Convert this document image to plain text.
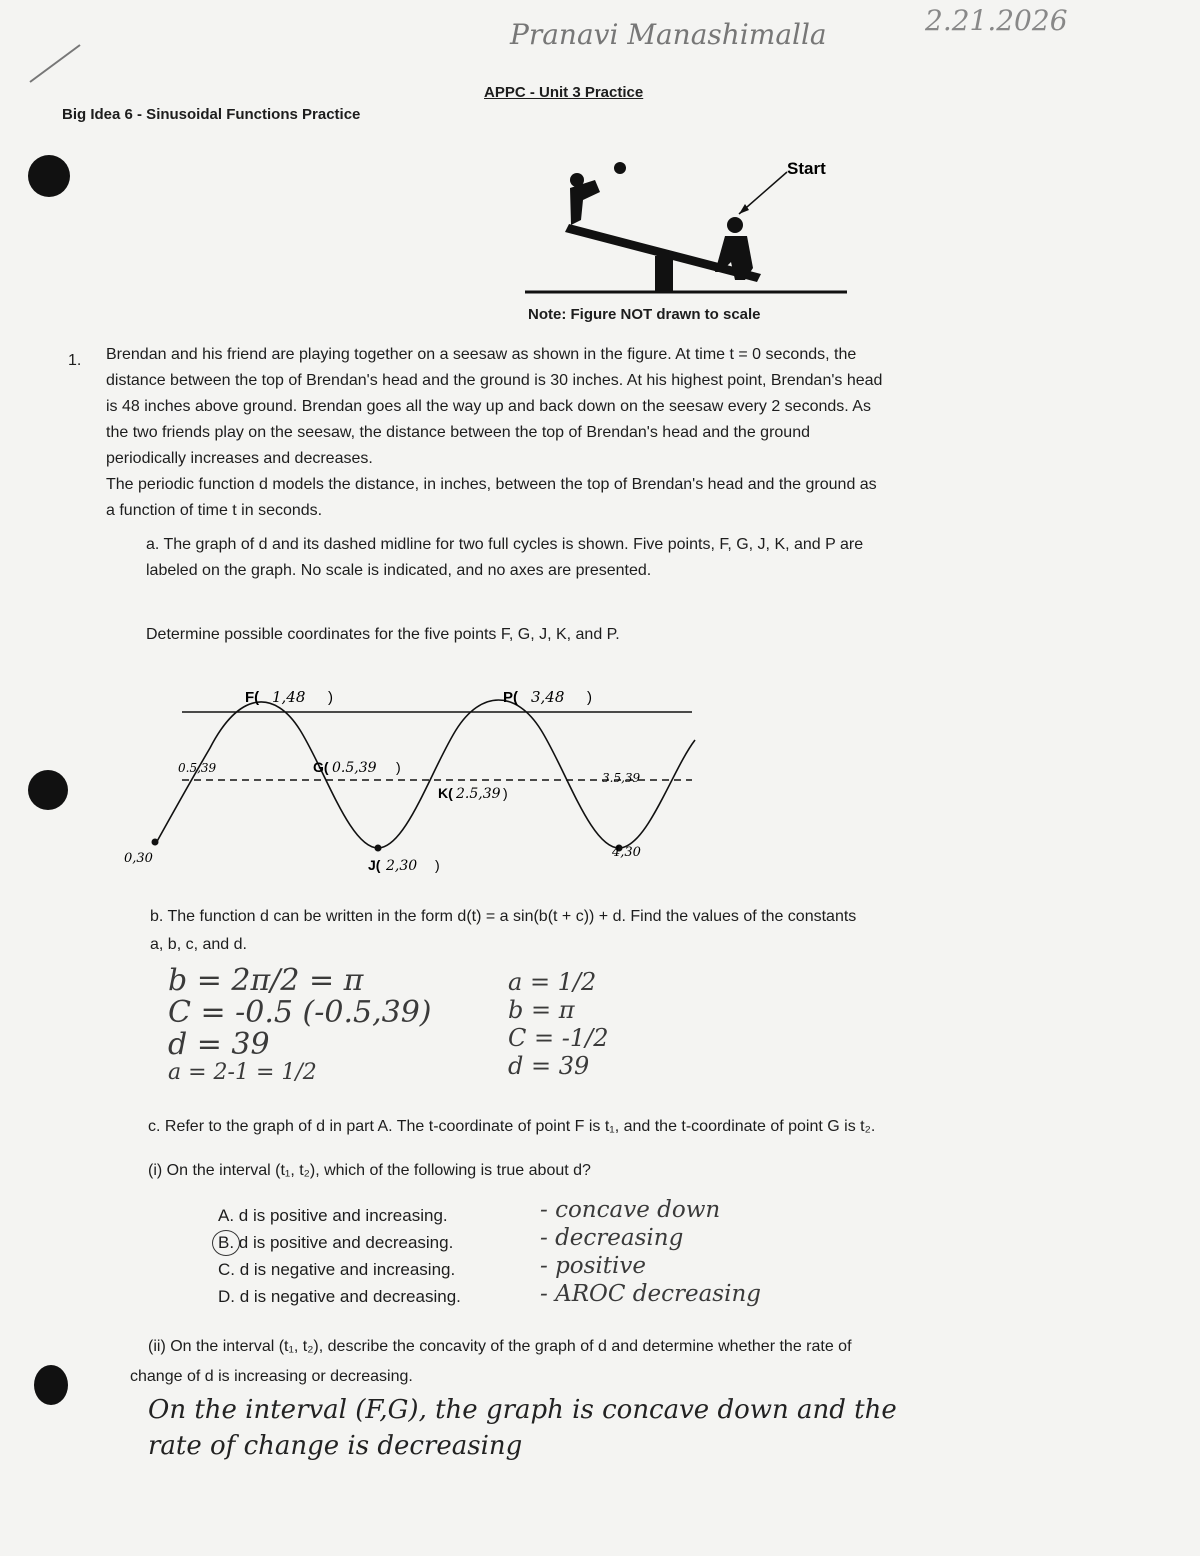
Pranavi Manashimalla	2.21.2026
APPC - Unit 3 Practice
Big Idea 6 - Sinusoidal Functions Practice
Start
Note: Figure NOT drawn to scale
1. Brendan and his friend are playing together on a seesaw as shown in the figure. At time t = 0 seconds, the
distance between the top of Brendan's head and the ground is 30 inches. At his highest point, Brendan's head
is 48 inches above ground. Brendan goes all the way up and back down on the seesaw every 2 seconds. As
the two friends play on the seesaw, the distance between the top of Brendan's head and the ground
periodically increases and decreases.
The periodic function d models the distance, in inches, between the top of Brendan's head and the ground as
a function of time t in seconds.
a. The graph of d and its dashed midline for two full cycles is shown. Five points, F, G, J, K, and P are
labeled on the graph. No scale is indicated, and no axes are presented.
Determine possible coordinates for the five points F, G, J, K, and P.
F( 1,48 )	P( 3,48 )
G( 0.5,39 )
K( 2.5,39 )
J( 2,30 )
0.5,39
0,30
3.5,39
4,30
b. The function d can be written in the form d(t) = a sin(b(t + c)) + d. Find the values of the constants
a, b, c, and d.
b = 2π/2 = π
C = -0.5 (-0.5,39)
d = 39
a = 2-1 = 1/2
a = 1/2
b = π
C = -1/2
d = 39
c. Refer to the graph of d in part A. The t-coordinate of point F is t₁, and the t-coordinate of point G is t₂.
(i) On the interval (t₁, t₂), which of the following is true about d?
A. d is positive and increasing.
B. d is positive and decreasing.
C. d is negative and increasing.
D. d is negative and decreasing.
- concave down
- decreasing
- positive
- AROC decreasing
(ii) On the interval (t₁, t₂), describe the concavity of the graph of d and determine whether the rate of
change of d is increasing or decreasing.
On the interval (F,G), the graph is concave down and the
rate of change is decreasing
